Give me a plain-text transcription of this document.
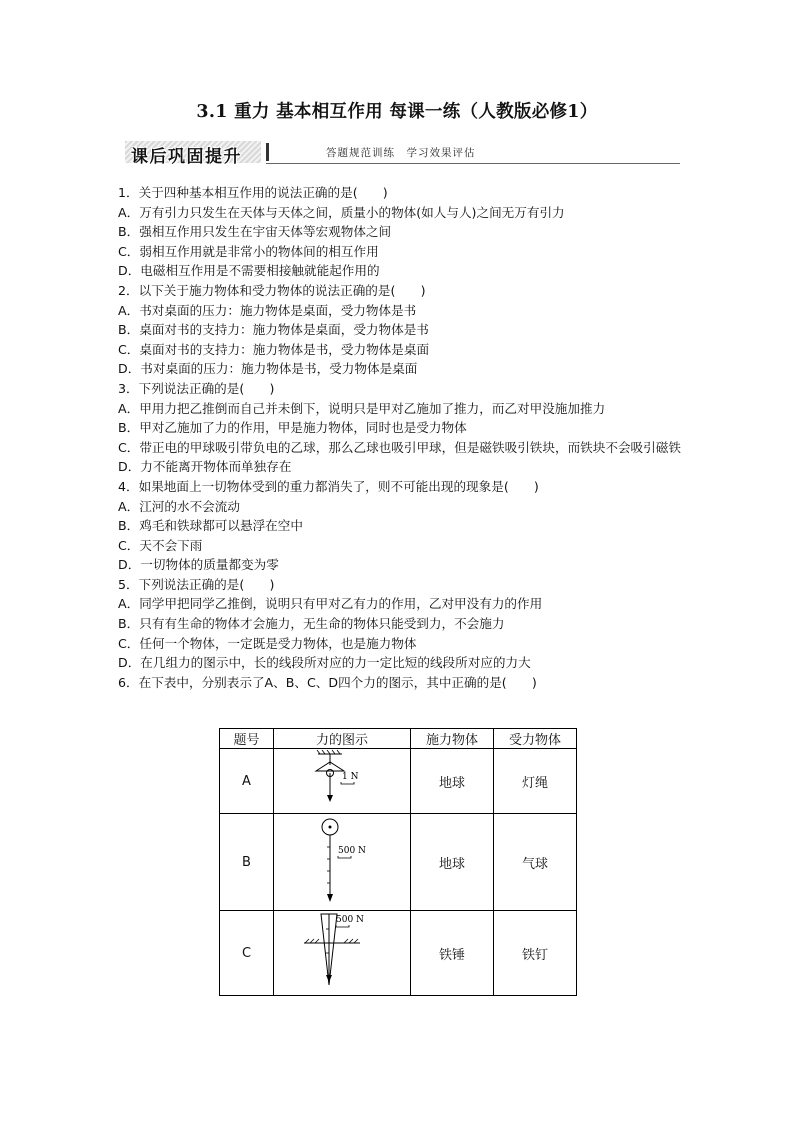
3.1 重力 基本相互作用 每课一练（人教版必修1）
课后巩固提升	答题规范训练　学习效果评估
1．关于四种基本相互作用的说法正确的是(　　)
A．万有引力只发生在天体与天体之间，质量小的物体(如人与人)之间无万有引力
B．强相互作用只发生在宇宙天体等宏观物体之间
C．弱相互作用就是非常小的物体间的相互作用
D．电磁相互作用是不需要相接触就能起作用的
2．以下关于施力物体和受力物体的说法正确的是(　　)
A．书对桌面的压力：施力物体是桌面，受力物体是书
B．桌面对书的支持力：施力物体是桌面，受力物体是书
C．桌面对书的支持力：施力物体是书，受力物体是桌面
D．书对桌面的压力：施力物体是书，受力物体是桌面
3．下列说法正确的是(　　)
A．甲用力把乙推倒而自己并未倒下，说明只是甲对乙施加了推力，而乙对甲没施加推力
B．甲对乙施加了力的作用，甲是施力物体，同时也是受力物体
C．带正电的甲球吸引带负电的乙球，那么乙球也吸引甲球，但是磁铁吸引铁块，而铁块不会吸引磁铁
D．力不能离开物体而单独存在
4．如果地面上一切物体受到的重力都消失了，则不可能出现的现象是(　　)
A．江河的水不会流动
B．鸡毛和铁球都可以悬浮在空中
C．天不会下雨
D．一切物体的质量都变为零
5．下列说法正确的是(　　)
A．同学甲把同学乙推倒，说明只有甲对乙有力的作用，乙对甲没有力的作用
B．只有有生命的物体才会施力，无生命的物体只能受到力，不会施力
C．任何一个物体，一定既是受力物体，也是施力物体
D．在几组力的图示中，长的线段所对应的力一定比短的线段所对应的力大
6．在下表中，分别表示了A、B、C、D四个力的图示，其中正确的是(　　)
题号	力的图示	施力物体	受力物体
A	1 N	地球	灯绳
B	500 N	地球	气球
C	500 N	铁锤	铁钉
